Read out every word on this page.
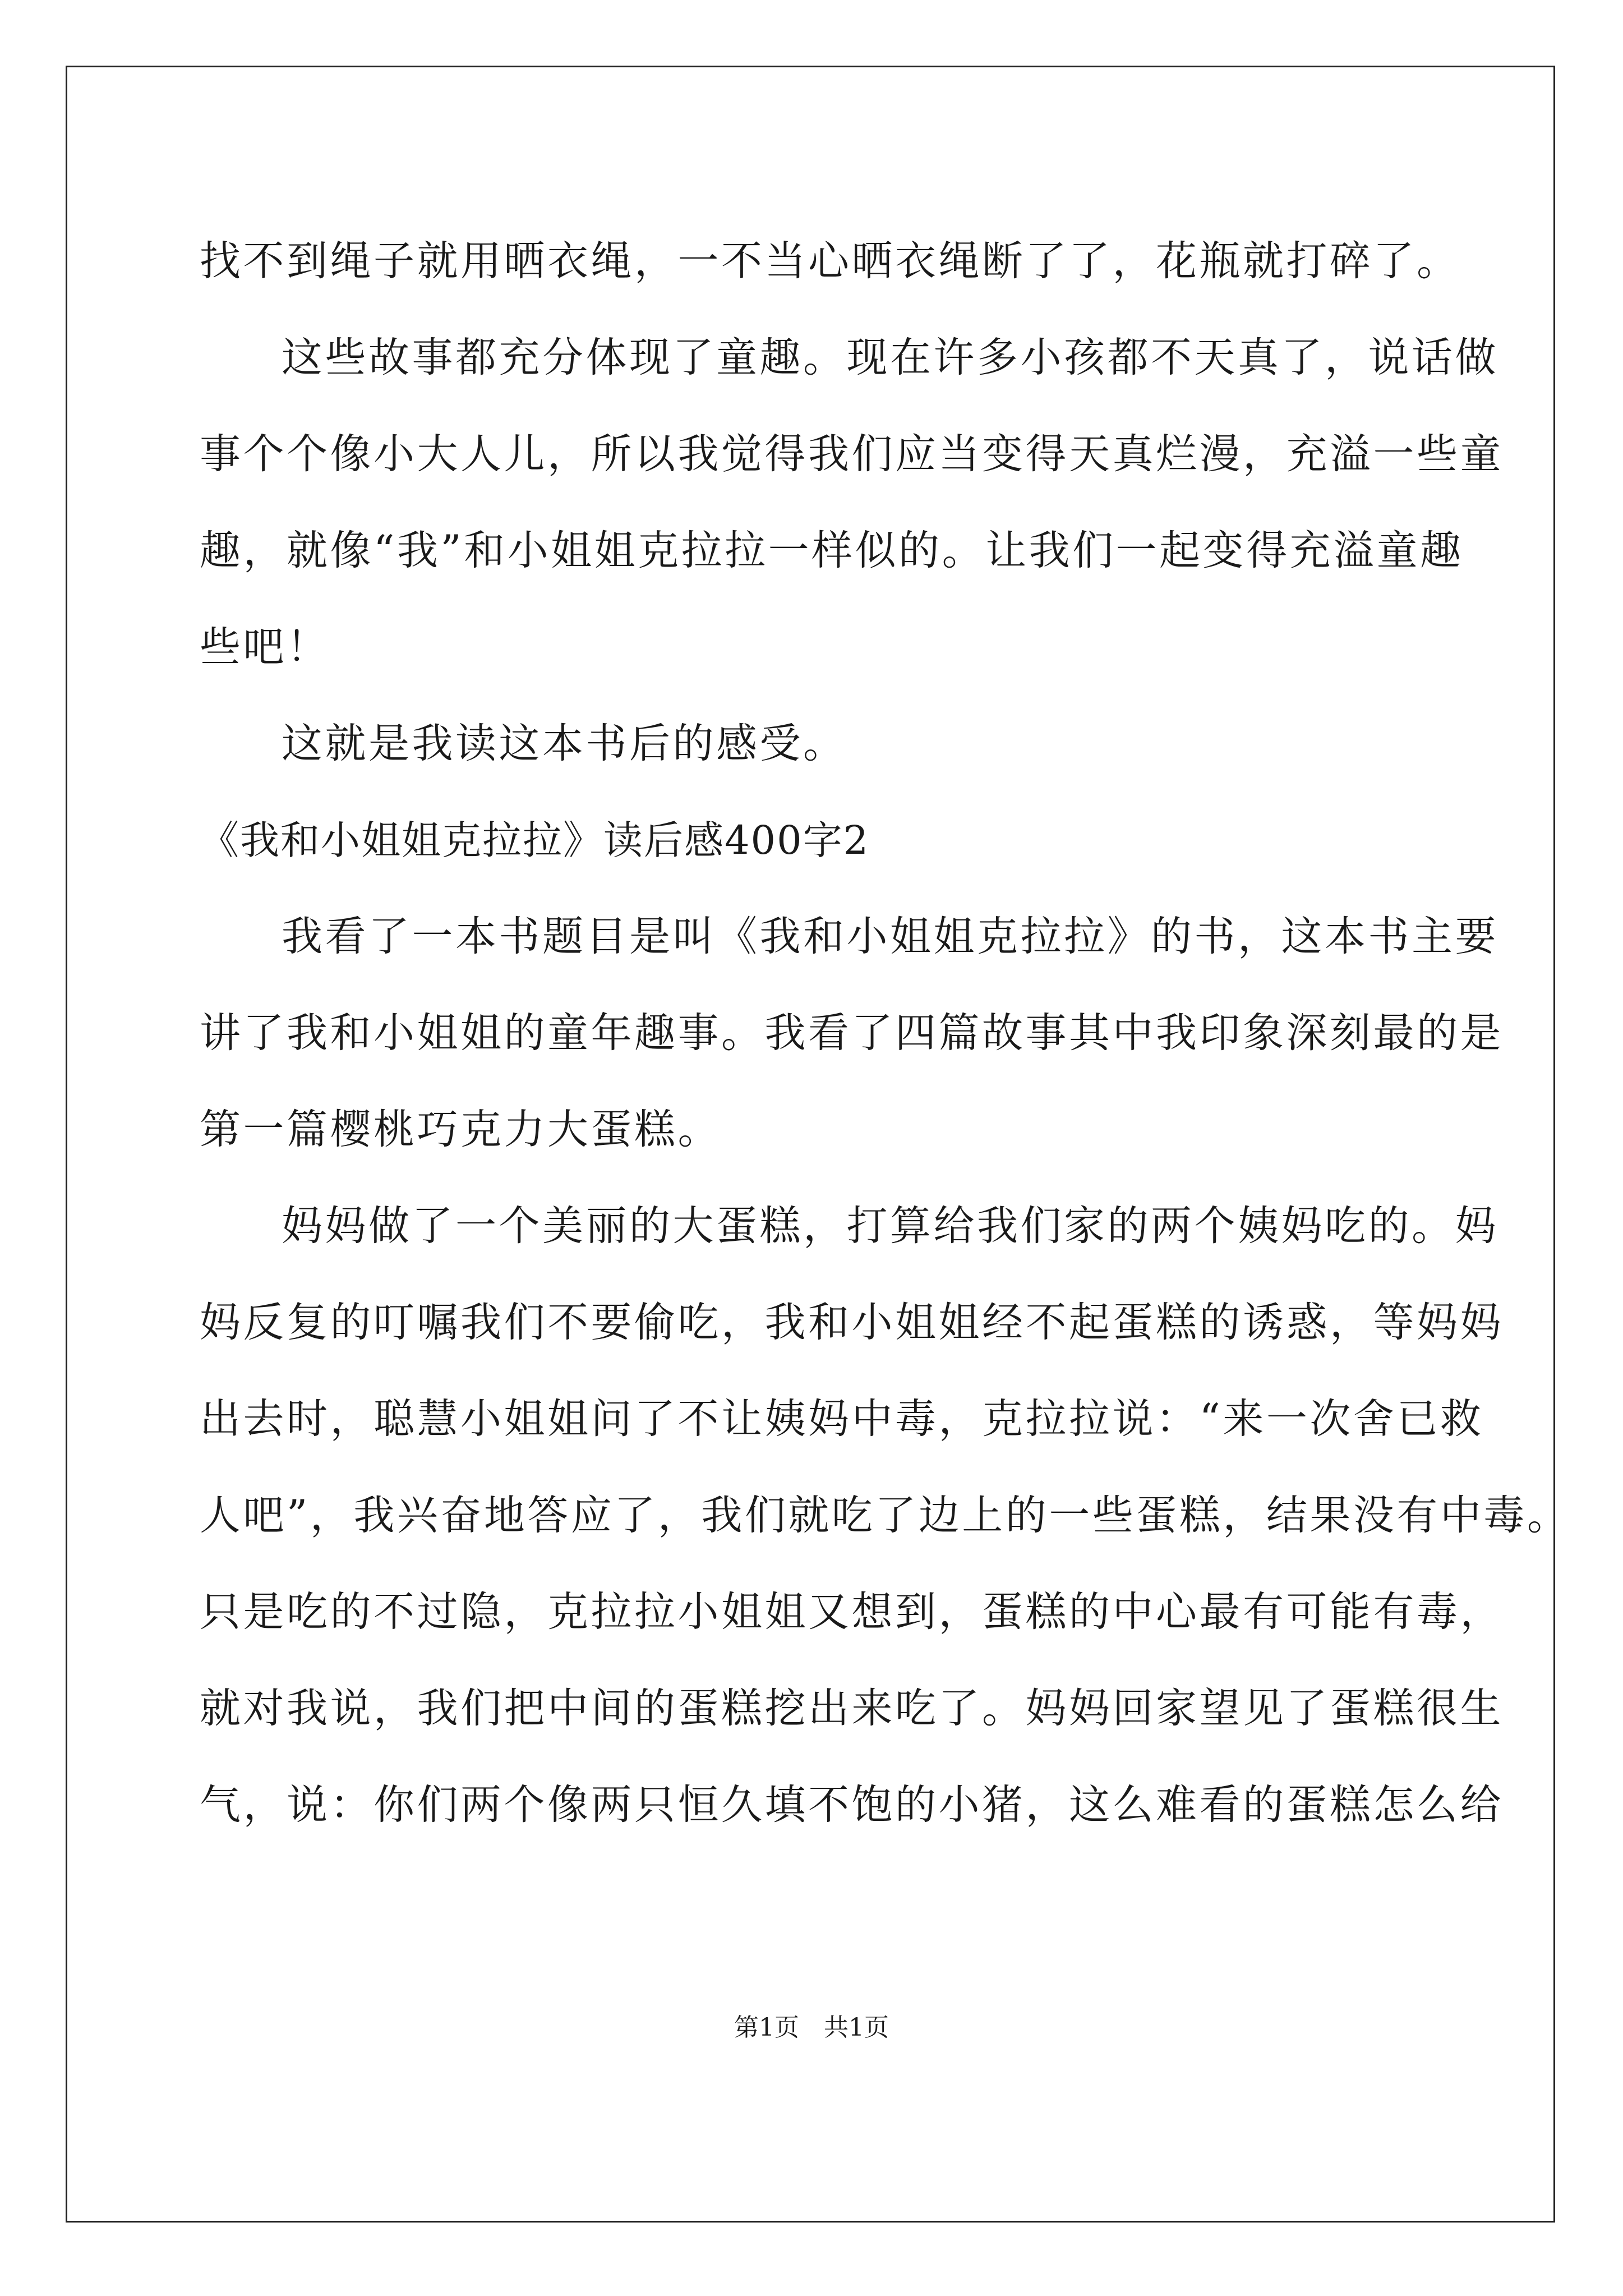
找不到绳子就用晒衣绳，一不当心晒衣绳断了了，花瓶就打碎了。
这些故事都充分体现了童趣。现在许多小孩都不天真了，说话做
事个个像小大人儿，所以我觉得我们应当变得天真烂漫，充溢一些童
趣，就像“我”和小姐姐克拉拉一样似的。让我们一起变得充溢童趣
些吧！
这就是我读这本书后的感受。
《我和小姐姐克拉拉》读后感400字2
我看了一本书题目是叫《我和小姐姐克拉拉》的书，这本书主要
讲了我和小姐姐的童年趣事。我看了四篇故事其中我印象深刻最的是
第一篇樱桃巧克力大蛋糕。
妈妈做了一个美丽的大蛋糕，打算给我们家的两个姨妈吃的。妈
妈反复的叮嘱我们不要偷吃，我和小姐姐经不起蛋糕的诱惑，等妈妈
出去时，聪慧小姐姐问了不让姨妈中毒，克拉拉说：“来一次舍已救
人吧”，我兴奋地答应了，我们就吃了边上的一些蛋糕，结果没有中毒。
只是吃的不过隐，克拉拉小姐姐又想到，蛋糕的中心最有可能有毒，
就对我说，我们把中间的蛋糕挖出来吃了。妈妈回家望见了蛋糕很生
气，说：你们两个像两只恒久填不饱的小猪，这么难看的蛋糕怎么给
第1页　共1页
